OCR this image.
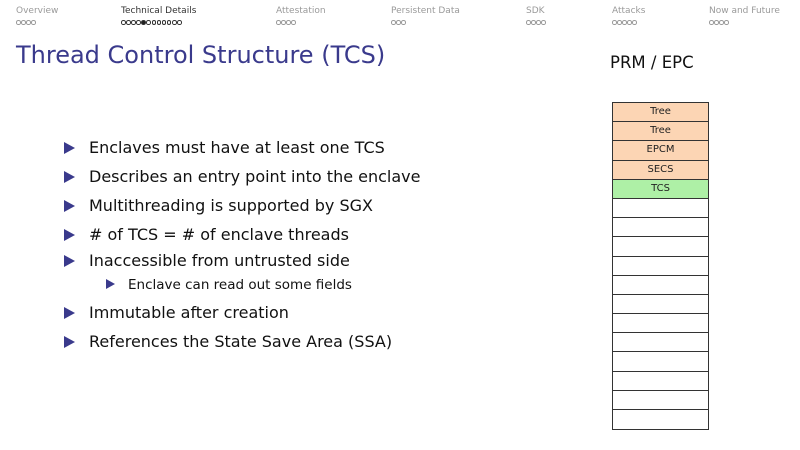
Overview	Technical Details	Attestation	Persistent Data	SDK	Attacks	Now and Future
Thread Control Structure (TCS)
Enclaves must have at least one TCS
Describes an entry point into the enclave
Multithreading is supported by SGX
# of TCS = # of enclave threads
Inaccessible from untrusted side
Enclave can read out some fields
Immutable after creation
References the State Save Area (SSA)
PRM / EPC
Tree
Tree
EPCM
SECS
TCS
